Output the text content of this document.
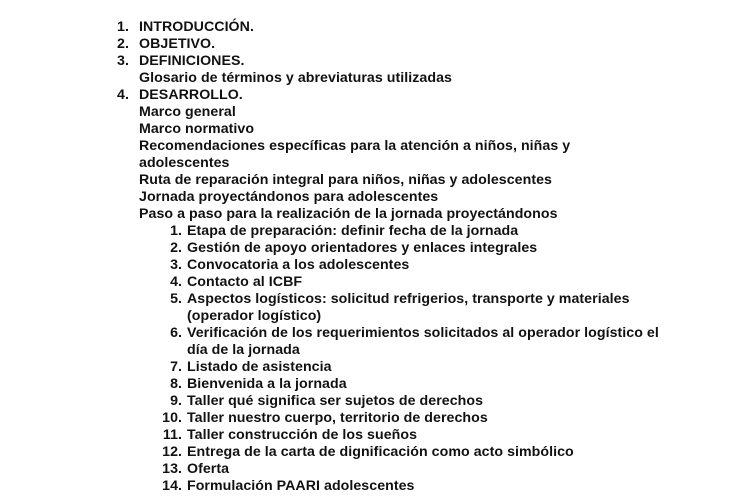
1. INTRODUCCIÓN.
2. OBJETIVO.
3. DEFINICIONES.
Glosario de términos y abreviaturas utilizadas
4. DESARROLLO.
Marco general
Marco normativo
Recomendaciones específicas para la atención a niños, niñas y
adolescentes
Ruta de reparación integral para niños, niñas y adolescentes
Jornada proyectándonos para adolescentes
Paso a paso para la realización de la jornada proyectándonos
1. Etapa de preparación: definir fecha de la jornada
2. Gestión de apoyo orientadores y enlaces integrales
3. Convocatoria a los adolescentes
4. Contacto al ICBF
5. Aspectos logísticos: solicitud refrigerios, transporte y materiales
(operador logístico)
6. Verificación de los requerimientos solicitados al operador logístico el
día de la jornada
7. Listado de asistencia
8. Bienvenida a la jornada
9. Taller qué significa ser sujetos de derechos
10. Taller nuestro cuerpo, territorio de derechos
11. Taller construcción de los sueños
12. Entrega de la carta de dignificación como acto simbólico
13. Oferta
14. Formulación PAARI adolescentes
